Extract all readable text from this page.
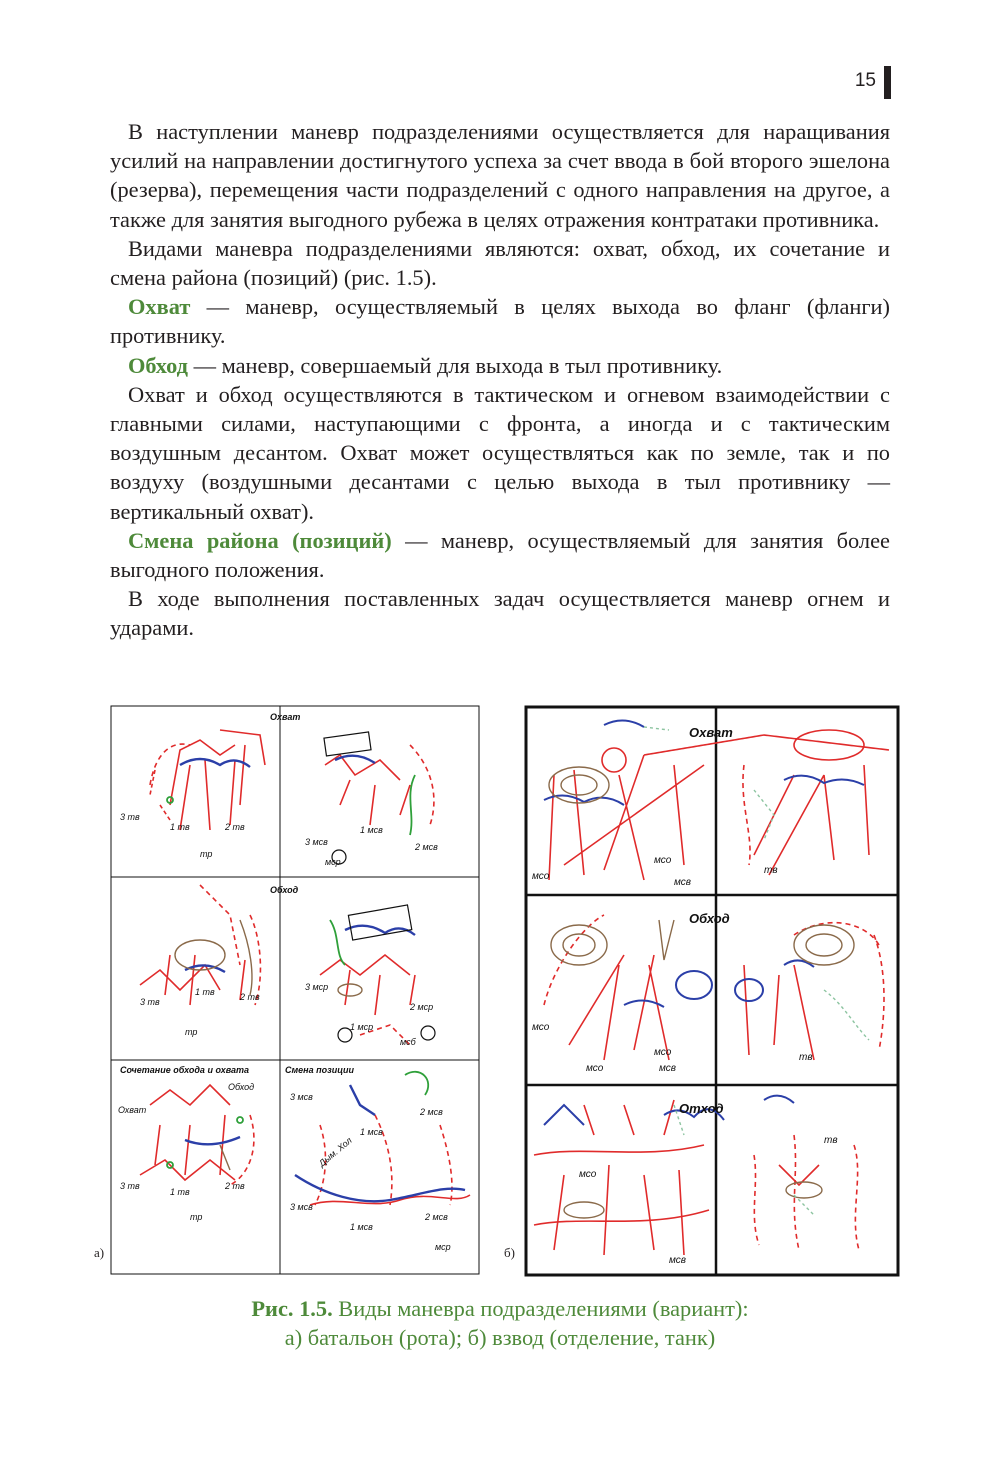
15

В наступлении маневр подразделениями осуществляется для наращивания усилий на направлении достигнутого успеха за счет ввода в бой второго эшелона (резерва), перемещения части подразделений с одного направления на другое, а также для занятия выгодного рубежа в целях отражения контратаки противника.

Видами маневра подразделениями являются: охват, обход, их сочетание и смена района (позиций) (рис. 1.5).

Охват — маневр, осуществляемый в целях выхода во фланг (фланги) противнику.

Обход — маневр, совершаемый для выхода в тыл противнику.

Охват и обход осуществляются в тактическом и огневом взаимодействии с главными силами, наступающими с фронта, а иногда и с тактическим воздушным десантом. Охват может осуществляться как по земле, так и по воздуху (воздушными десантами с целью выхода в тыл противнику — вертикальный охват).

Смена района (позиций) — маневр, осуществляемый для занятия более выгодного положения.

В ходе выполнения поставленных задач осуществляется маневр огнем и ударами.

Охват
Обход
Сочетание обхода и охвата	Смена позиции
3 тв
1 тв	2 тв
тр
3 мсв
1 мсв
2 мсв
мср
3 тв
1 тв	2 тв
тр
3 мср
1 мср
2 мср
мсб
Охват
Обход
3 тв
1 тв
2 тв
тр
3 мсв
1 мсв
2 мсв
Дым. Хол
3 мсв
1 мсв
2 мсв
мср
а)
Охват
Обход
Отход
мсо
мсо
мсв
тв
мсо
мсо
мсо
мсв
тв
мсо
мсв
тв
б)
Рис. 1.5. Виды маневра подразделениями (вариант):
а) батальон (рота); б) взвод (отделение, танк)
